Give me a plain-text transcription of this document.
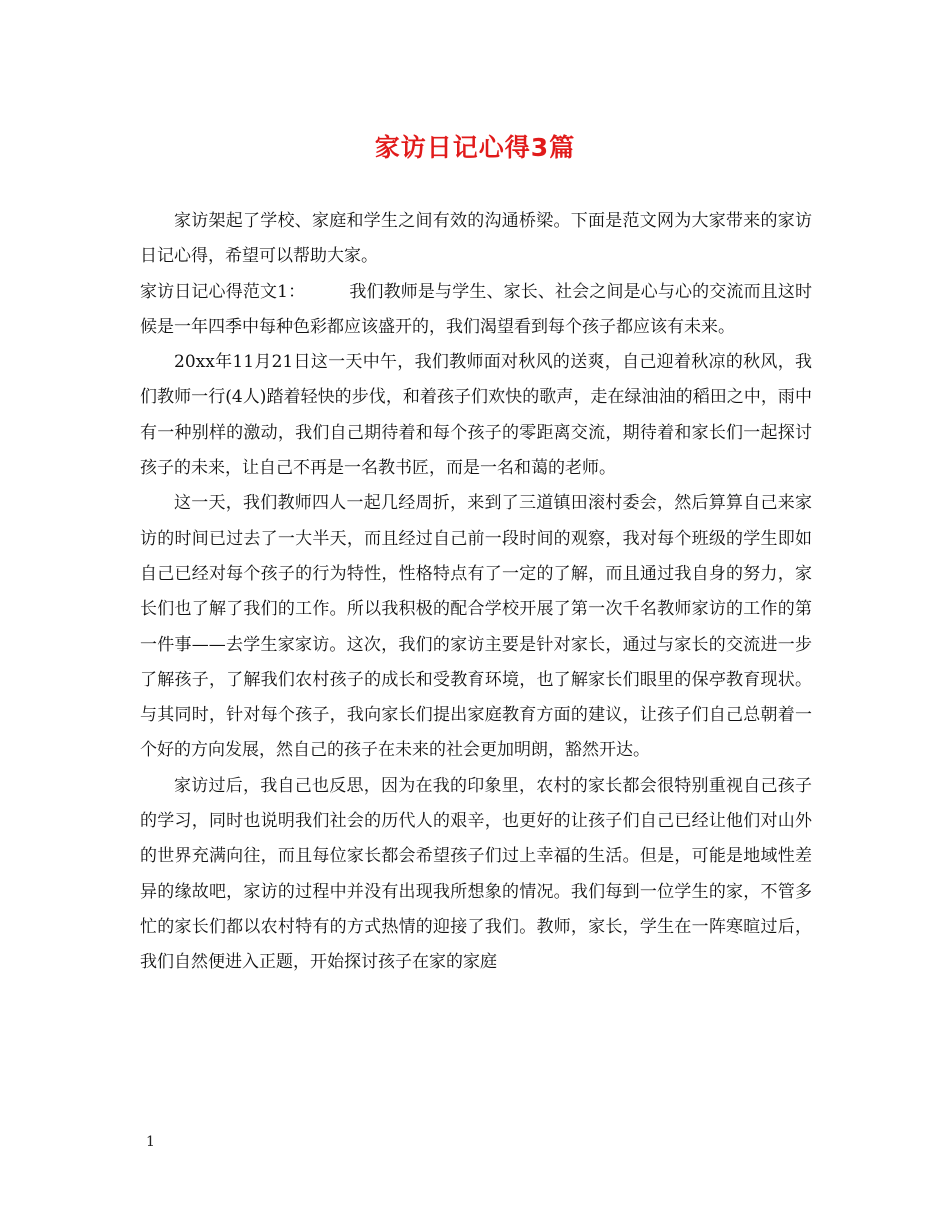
家访日记心得3篇

家访架起了学校、家庭和学生之间有效的沟通桥梁。下面是范文网为大家带来的家访日记心得，希望可以帮助大家。

家访日记心得范文1：	我们教师是与学生、家长、社会之间是心与心的交流而且这时候是一年四季中每种色彩都应该盛开的，我们渴望看到每个孩子都应该有未来。

20xx年11月21日这一天中午，我们教师面对秋风的送爽，自己迎着秋凉的秋风，我们教师一行(4人)踏着轻快的步伐，和着孩子们欢快的歌声，走在绿油油的稻田之中，雨中有一种别样的激动，我们自己期待着和每个孩子的零距离交流，期待着和家长们一起探讨孩子的未来，让自己不再是一名教书匠，而是一名和蔼的老师。

这一天，我们教师四人一起几经周折，来到了三道镇田滚村委会，然后算算自己来家访的时间已过去了一大半天，而且经过自己前一段时间的观察，我对每个班级的学生即如自己已经对每个孩子的行为特性，性格特点有了一定的了解，而且通过我自身的努力，家长们也了解了我们的工作。所以我积极的配合学校开展了第一次千名教师家访的工作的第一件事——去学生家家访。这次，我们的家访主要是针对家长，通过与家长的交流进一步了解孩子，了解我们农村孩子的成长和受教育环境，也了解家长们眼里的保亭教育现状。与其同时，针对每个孩子，我向家长们提出家庭教育方面的建议，让孩子们自己总朝着一个好的方向发展，然自己的孩子在未来的社会更加明朗，豁然开达。

家访过后，我自己也反思，因为在我的印象里，农村的家长都会很特别重视自己孩子的学习，同时也说明我们社会的历代人的艰辛，也更好的让孩子们自己已经让他们对山外的世界充满向往，而且每位家长都会希望孩子们过上幸福的生活。但是，可能是地域性差异的缘故吧，家访的过程中并没有出现我所想象的情况。我们每到一位学生的家，不管多忙的家长们都以农村特有的方式热情的迎接了我们。教师，家长，学生在一阵寒暄过后，我们自然便进入正题，开始探讨孩子在家的家庭

1
